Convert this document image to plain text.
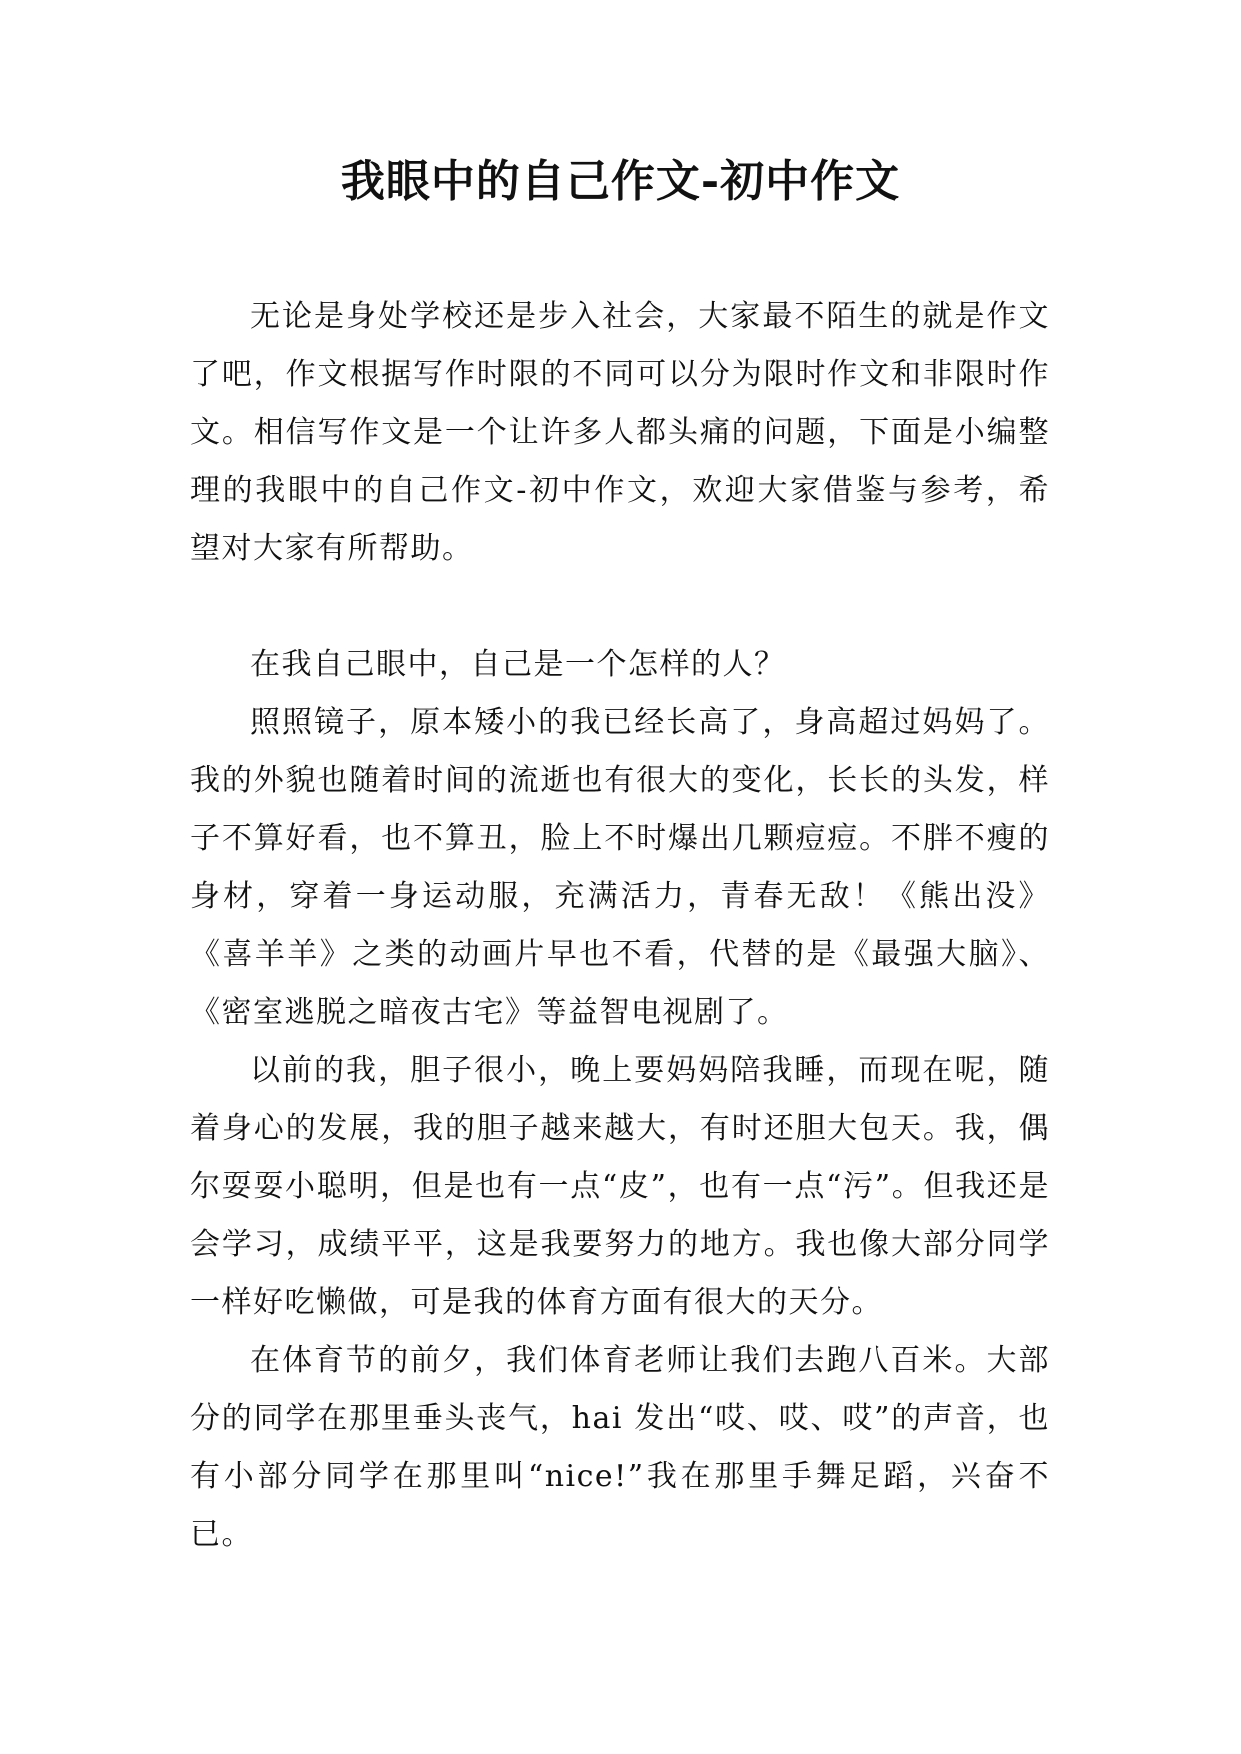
我眼中的自己作文-初中作文

无论是身处学校还是步入社会，大家最不陌生的就是作文了吧，作文根据写作时限的不同可以分为限时作文和非限时作文。相信写作文是一个让许多人都头痛的问题，下面是小编整理的我眼中的自己作文-初中作文，欢迎大家借鉴与参考，希望对大家有所帮助。

在我自己眼中，自己是一个怎样的人？

照照镜子，原本矮小的我已经长高了，身高超过妈妈了。我的外貌也随着时间的流逝也有很大的变化，长长的头发，样子不算好看，也不算丑，脸上不时爆出几颗痘痘。不胖不瘦的身材，穿着一身运动服，充满活力，青春无敌！《熊出没》《喜羊羊》之类的动画片早也不看，代替的是《最强大脑》、《密室逃脱之暗夜古宅》等益智电视剧了。

以前的我，胆子很小，晚上要妈妈陪我睡，而现在呢，随着身心的发展，我的胆子越来越大，有时还胆大包天。我，偶尔耍耍小聪明，但是也有一点“皮”，也有一点“污”。但我还是会学习，成绩平平，这是我要努力的地方。我也像大部分同学一样好吃懒做，可是我的体育方面有很大的天分。

在体育节的前夕，我们体育老师让我们去跑八百米。大部分的同学在那里垂头丧气，hai 发出“哎、哎、哎”的声音，也有小部分同学在那里叫“nice!”我在那里手舞足蹈，兴奋不已。
